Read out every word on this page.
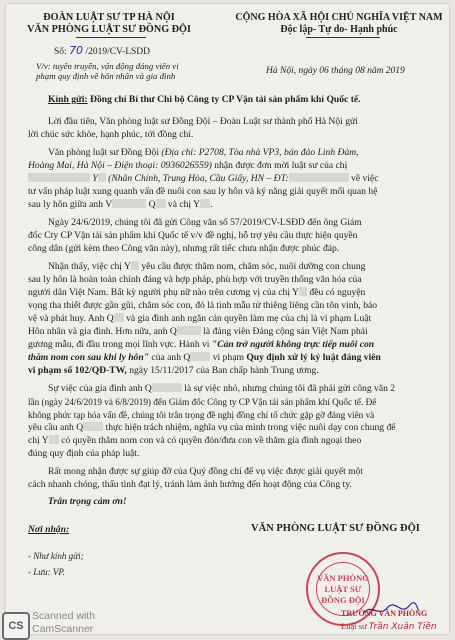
ĐOÀN LUẬT SƯ TP HÀ NỘI
VĂN PHÒNG LUẬT SƯ ĐỒNG ĐỘI
CỘNG HÒA XÃ HỘI CHỦ NGHĨA VIỆT NAM
Độc lập- Tự do- Hạnh phúc
Số: 70 /2019/CV-LSDD
V/v: tuyên truyền, vận động đảng viên vi
phạm quy định về hôn nhân và gia đình	Hà Nội, ngày 06 tháng 08 năm 2019
Kính gửi: Đồng chí Bí thư Chi bộ Công ty CP Vận tải sản phẩm khí Quốc tế.
Lời đầu tiên, Văn phòng luật sư Đồng Đội – Đoàn Luật sư thành phố Hà Nội gửi
lời chúc sức khỏe, hạnh phúc, tới đồng chí.
Văn phòng luật sư Đồng Đội (Địa chỉ: P2708, Tòa nhà VP3, bán đảo Linh Đàm,
Hoàng Mai, Hà Nội – Điện thoại: 0936026559) nhận được đơn mời luật sư của chị
Y (Nhân Chính, Trung Hòa, Cầu Giấy, HN – ĐT:	về việc
tư vấn pháp luật xung quanh vấn đề nuôi con sau ly hôn và ký năng giải quyết mối quan hệ
sau ly hôn giữa anh V	Q và chị Y .
Ngày 24/6/2019, chúng tôi đã gửi Công văn số 57/2019/CV-LSĐD đến ông Giám
đốc Cty CP Vận tải sản phẩm khí Quốc tế v/v đề nghị, hỗ trợ yêu cầu thực hiện quyền
công dân (gửi kèm theo Công văn này), nhưng rất tiếc chưa nhận được phúc đáp.
Nhận thấy, việc chị Y yêu cầu được thăm nom, chăm sóc, nuôi dưỡng con chung
sau ly hôn là hoàn toàn chính đáng và hợp pháp, phù hợp với truyền thống văn hóa của
người dân Việt Nam. Bất kỳ người phụ nữ nào trên cương vị của chị Y đều có nguyện
vọng tha thiết được gần gũi, chăm sóc con, đó là tình mẫu tử thiêng liêng cần tôn vinh, bảo
vệ và phát huy. Anh Q và gia đình anh ngăn cản quyền làm mẹ của chị là vi phạm Luật
Hôn nhân và gia đình. Hơn nữa, anh Q	là đảng viên Đảng cộng sản Việt Nam phải
gương mẫu, đi đầu trong mọi lĩnh vực. Hành vi "Cản trở người không trực tiếp nuôi con
thăm nom con sau khi ly hôn" của anh Q vi phạm Quy định xử lý kỷ luật đảng viên
vi phạm số 102/QĐ-TW, ngày 15/11/2017 của Ban chấp hành Trung ương.
Sự việc của gia đình anh Q	là sự việc nhỏ, nhưng chúng tôi đã phải gửi công văn 2
lần (ngày 24/6/2019 và 6/8/2019) đến Giám đốc Công ty CP Vận tải sản phẩm khí Quốc tế. Để
không phức tạp hóa vấn đề, chúng tôi trân trọng đề nghị đồng chí tổ chức gặp gỡ đảng viên và
yêu cầu anh Q thực hiện trách nhiệm, nghĩa vụ của mình trong việc nuôi dạy con chung để
chị Y có quyền thăm nom con và có quyền đón/đưa con về thăm gia đình ngoại theo
đúng quy định của pháp luật.
Rất mong nhận được sự giúp đỡ của Quý đồng chí để vụ việc được giải quyết một
cách nhanh chóng, thấu tình đạt lý, tránh làm ảnh hưởng đến hoạt động của Công ty.
Trân trọng cảm ơn!
Nơi nhận:
- Như kính gửi;
- Lưu: VP.
VĂN PHÒNG LUẬT SƯ ĐỒNG ĐỘI
VĂN PHÒNG
LUẬT SƯ
ĐỒNG ĐỘI
TRƯỞNG VĂN PHÒNG
Luật sư Trần Xuân Tiền
CS
Scanned with
CamScanner
